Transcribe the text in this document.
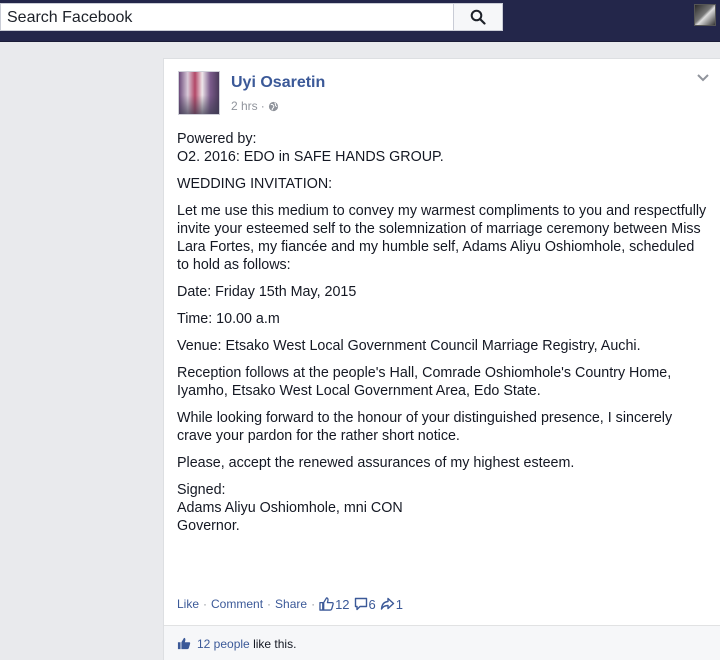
Search Facebook
Uyi Osaretin
2 hrs ·

Powered by:
O2. 2016: EDO in SAFE HANDS GROUP.

WEDDING INVITATION:

Let me use this medium to convey my warmest compliments to you and respectfully invite your esteemed self to the solemnization of marriage ceremony between Miss Lara Fortes, my fiancée and my humble self, Adams Aliyu Oshiomhole, scheduled to hold as follows:

Date: Friday 15th May, 2015

Time: 10.00 a.m

Venue: Etsako West Local Government Council Marriage Registry, Auchi.

Reception follows at the people's Hall, Comrade Oshiomhole's Country Home, Iyamho, Etsako West Local Government Area, Edo State.

While looking forward to the honour of your distinguished presence, I sincerely crave your pardon for the rather short notice.

Please, accept the renewed assurances of my highest esteem.

Signed:
Adams Aliyu Oshiomhole, mni CON
Governor.

Like · Comment · Share · 12 6 1
12 people like this.
